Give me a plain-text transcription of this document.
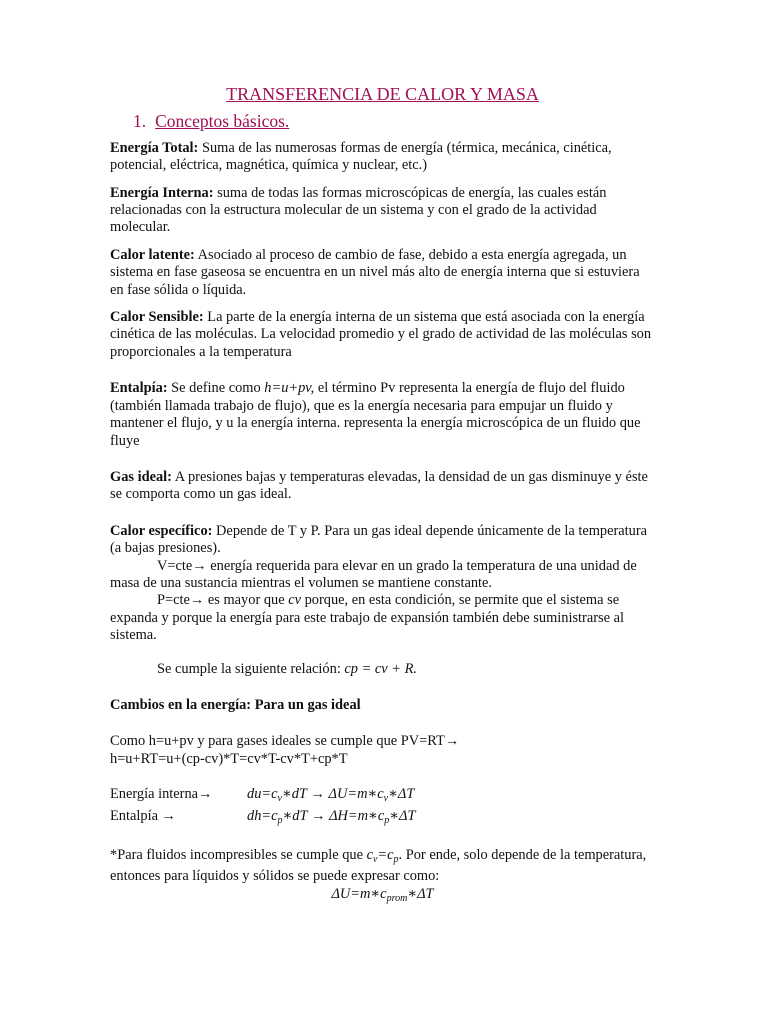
TRANSFERENCIA DE CALOR Y MASA
1. Conceptos básicos.

Energía Total: Suma de las numerosas formas de energía (térmica, mecánica, cinética, potencial, eléctrica, magnética, química y nuclear, etc.)

Energía Interna: suma de todas las formas microscópicas de energía, las cuales están relacionadas con la estructura molecular de un sistema y con el grado de la actividad molecular.

Calor latente: Asociado al proceso de cambio de fase, debido a esta energía agregada, un sistema en fase gaseosa se encuentra en un nivel más alto de energía interna que si estuviera en fase sólida o líquida.

Calor Sensible: La parte de la energía interna de un sistema que está asociada con la energía cinética de las moléculas. La velocidad promedio y el grado de actividad de las moléculas son proporcionales a la temperatura

Entalpía: Se define como h=u+pv, el término Pv representa la energía de flujo del fluido (también llamada trabajo de flujo), que es la energía necesaria para empujar un fluido y mantener el flujo, y u la energía interna. representa la energía microscópica de un fluido que fluye

Gas ideal: A presiones bajas y temperaturas elevadas, la densidad de un gas disminuye y éste se comporta como un gas ideal.

Calor específico: Depende de T y P. Para un gas ideal depende únicamente de la temperatura (a bajas presiones).
V=cte→ energía requerida para elevar en un grado la temperatura de una unidad de masa de una sustancia mientras el volumen se mantiene constante.
P=cte→ es mayor que cv porque, en esta condición, se permite que el sistema se expanda y porque la energía para este trabajo de expansión también debe suministrarse al sistema.

Se cumple la siguiente relación: cp = cv + R.

Cambios en la energía: Para un gas ideal

Como h=u+pv y para gases ideales se cumple que PV=RT→
h=u+RT=u+(cp-cv)*T=cv*T-cv*T+cp*T
Energía interna→	$du=c_v∗dT$ → $\Delta U=m∗c_v∗\Delta T$
Entalpía →	$dh=c_p∗dT$ → $\Delta H=m∗c_p∗\Delta T$
*Para fluidos incompresibles se cumple que $c_v=c_p$. Por ende, solo depende de la temperatura, entonces para líquidos y sólidos se puede expresar como:
$\Delta U=m∗c_{prom}∗\Delta T$
